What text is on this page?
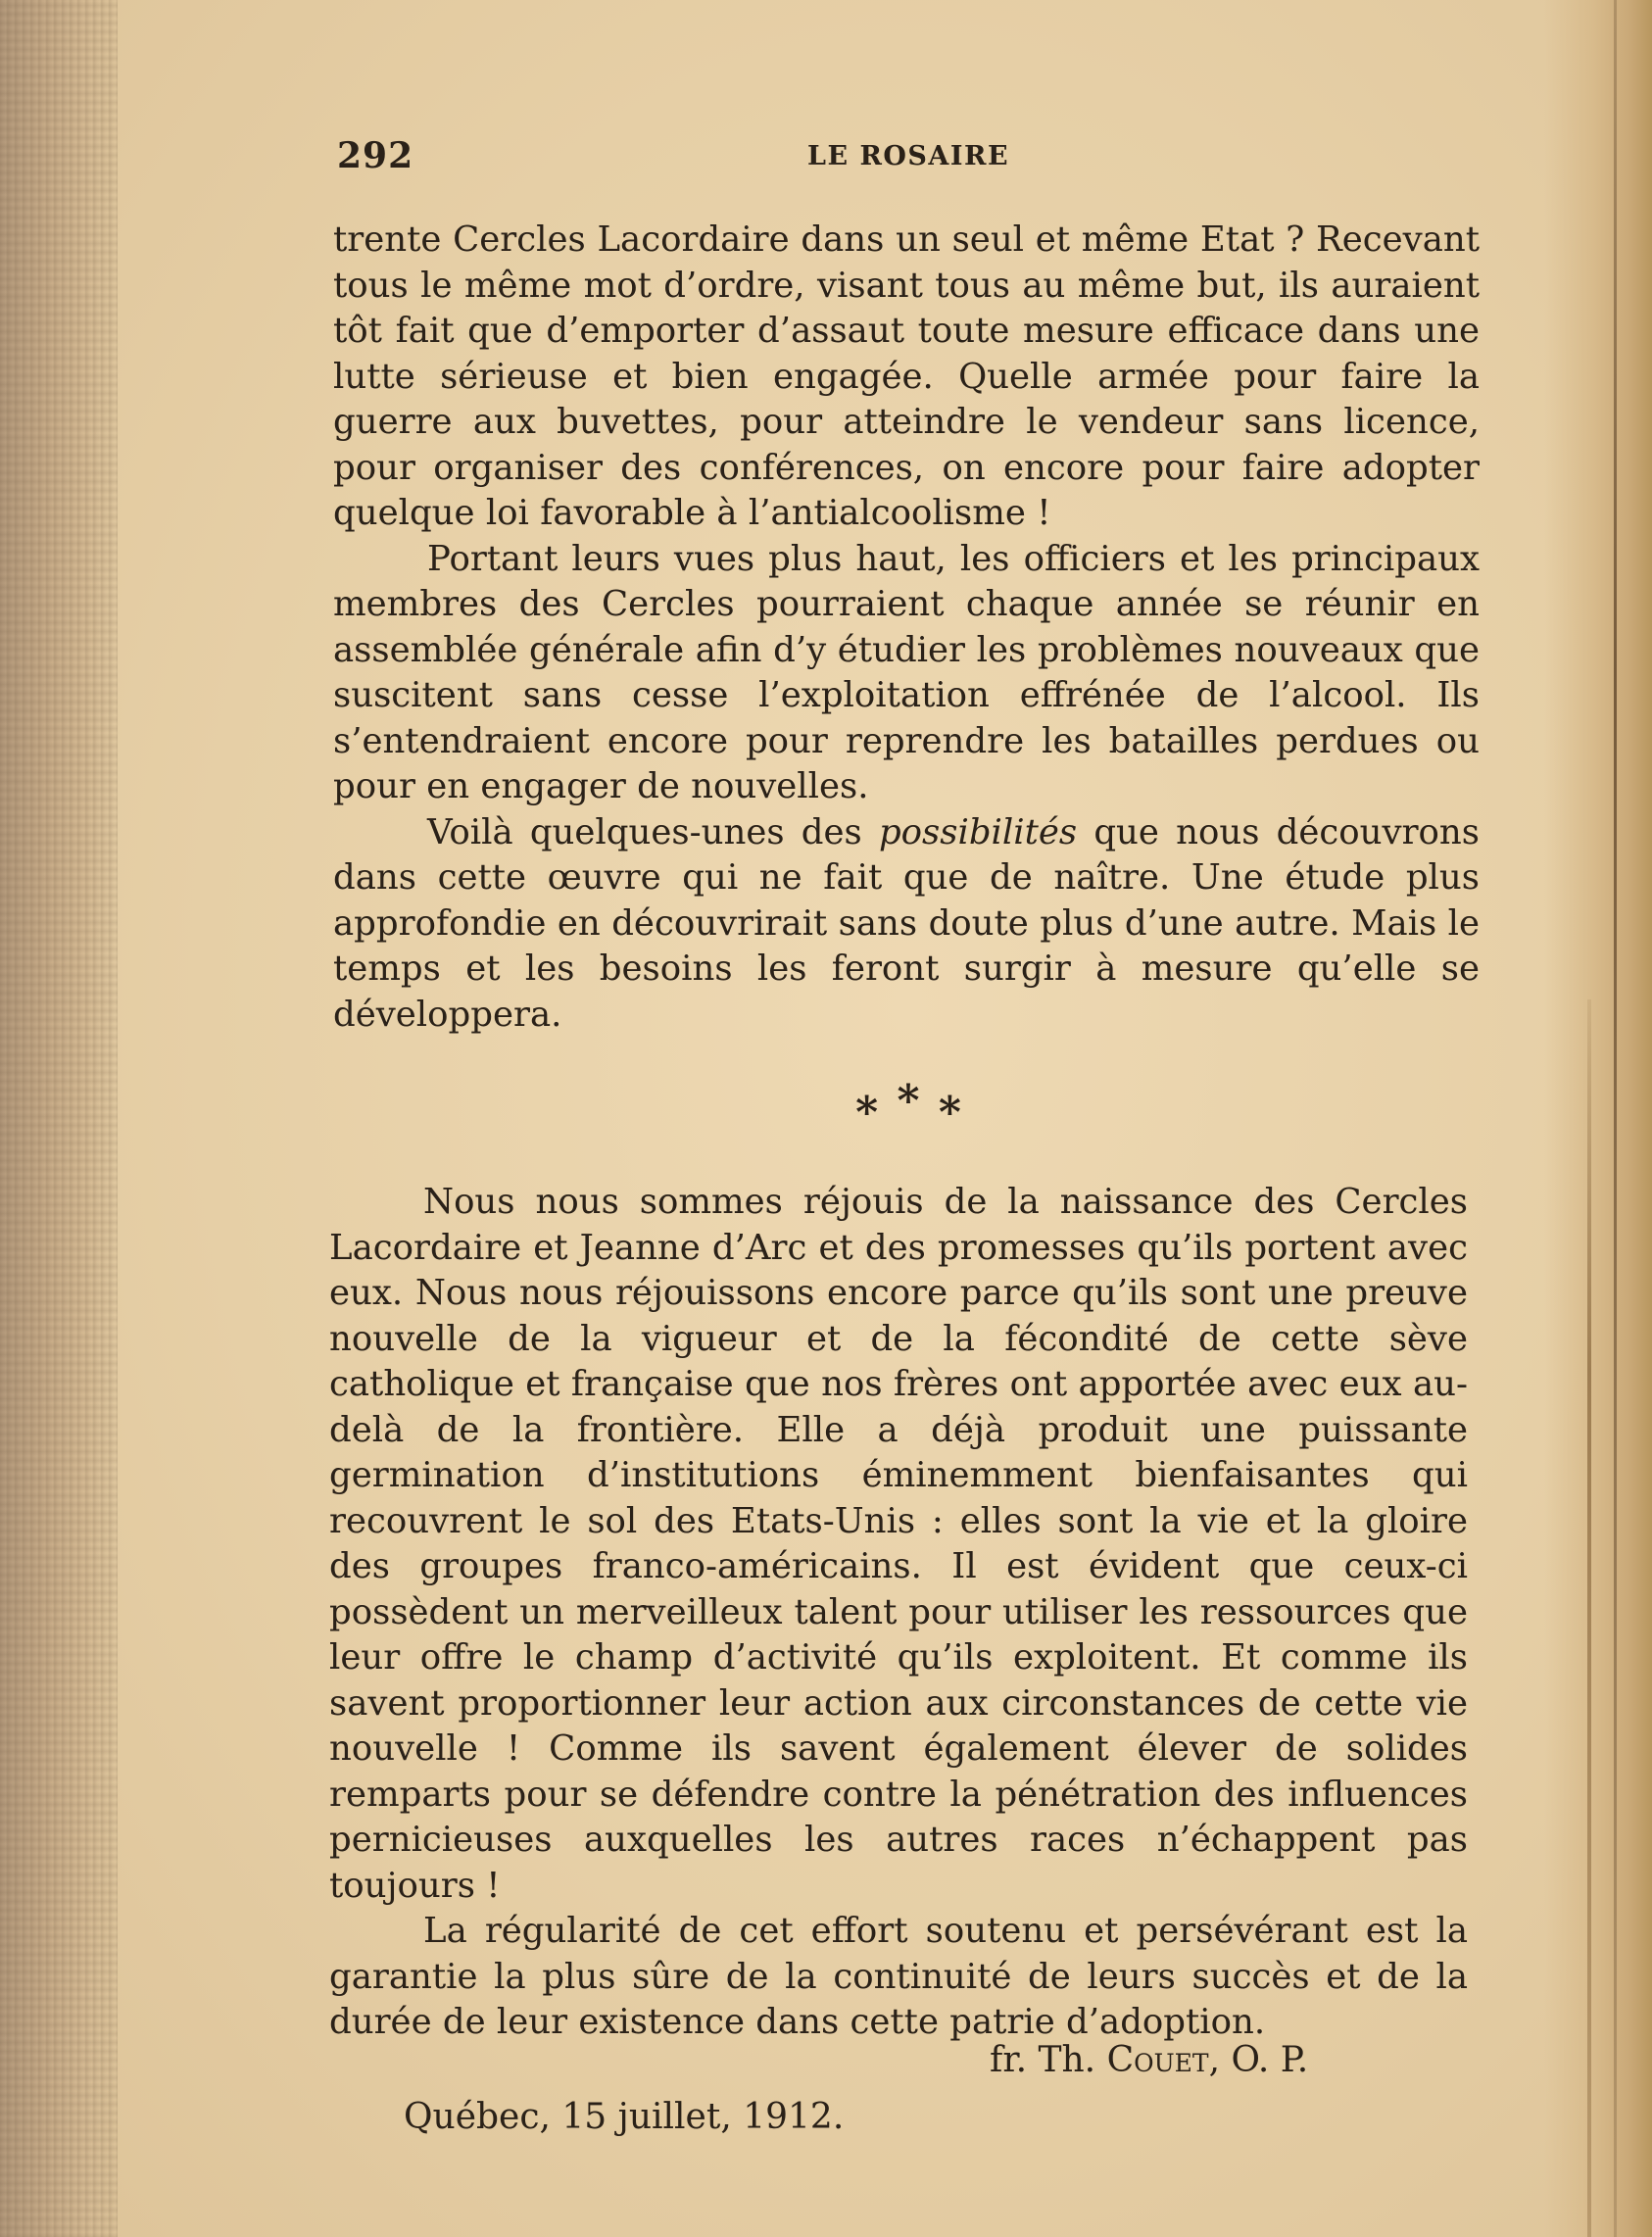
292	LE ROSAIRE

trente Cercles Lacordaire dans un seul et même Etat ? Recevant tous le même mot d’ordre, visant tous au même but, ils auraient tôt fait que d’emporter d’assaut toute mesure efficace dans une lutte sérieuse et bien engagée. Quelle armée pour faire la guerre aux buvettes, pour atteindre le vendeur sans licence, pour organiser des conférences, on encore pour faire adopter quelque loi favorable à l’antialcoolisme !

Portant leurs vues plus haut, les officiers et les principaux membres des Cercles pourraient chaque année se réunir en assemblée générale afin d’y étudier les problèmes nouveaux que suscitent sans cesse l’exploitation effrénée de l’alcool. Ils s’entendraient encore pour reprendre les batailles perdues ou pour en engager de nouvelles.

Voilà quelques-unes des possibilités que nous découvrons dans cette œuvre qui ne fait que de naître. Une étude plus approfondie en découvrirait sans doute plus d’une autre. Mais le temps et les besoins les feront surgir à mesure qu’elle se développera.

* * *

Nous nous sommes réjouis de la naissance des Cercles Lacordaire et Jeanne d’Arc et des promesses qu’ils portent avec eux. Nous nous réjouissons encore parce qu’ils sont une preuve nouvelle de la vigueur et de la fécondité de cette sève catholique et française que nos frères ont apportée avec eux au-delà de la frontière. Elle a déjà produit une puissante germination d’institutions éminemment bienfaisantes qui recouvrent le sol des Etats-Unis : elles sont la vie et la gloire des groupes franco-américains. Il est évident que ceux-ci possèdent un merveilleux talent pour utiliser les ressources que leur offre le champ d’activité qu’ils exploitent. Et comme ils savent proportionner leur action aux circonstances de cette vie nouvelle ! Comme ils savent également élever de solides remparts pour se défendre contre la pénétration des influences pernicieuses auxquelles les autres races n’échappent pas toujours !

La régularité de cet effort soutenu et persévérant est la garantie la plus sûre de la continuité de leurs succès et de la durée de leur existence dans cette patrie d’adoption.

fr. Th. Couet, O. P.
Québec, 15 juillet, 1912.
